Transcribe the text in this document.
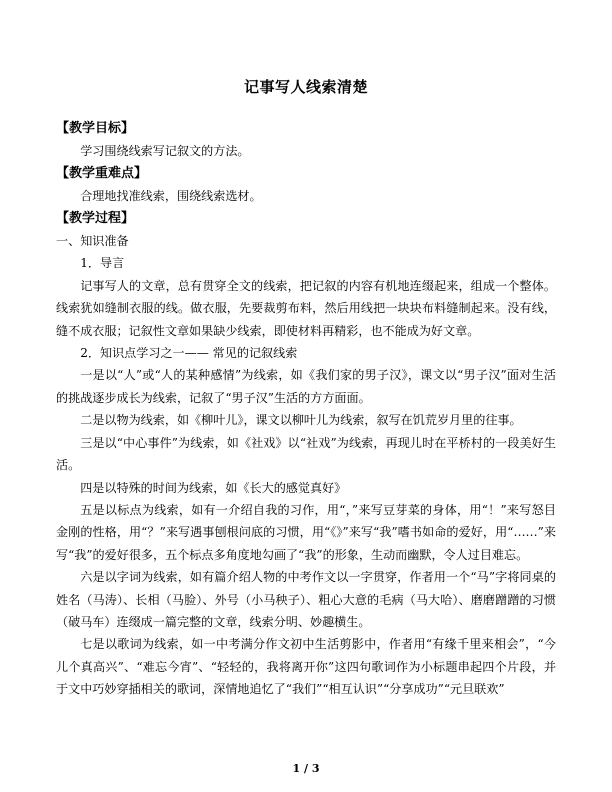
记事写人线索清楚
【教学目标】

学习围绕线索写记叙文的方法。

【教学重难点】

合理地找准线索，围绕线索选材。

【教学过程】

一、知识准备

1．导言

记事写人的文章，总有贯穿全文的线索，把记叙的内容有机地连缀起来，组成一个整体。线索犹如缝制衣服的线。做衣服，先要裁剪布料，然后用线把一块块布料缝制起来。没有线，缝不成衣服；记叙性文章如果缺少线索，即使材料再精彩，也不能成为好文章。

2．知识点学习之一—— 常见的记叙线索

一是以“人”或“人的某种感情”为线索，如《我们家的男子汉》，课文以“男子汉”面对生活的挑战逐步成长为线索，记叙了“男子汉”生活的方方面面。

二是以物为线索，如《柳叶儿》，课文以柳叶儿为线索，叙写在饥荒岁月里的往事。

三是以“中心事件”为线索，如《社戏》以“社戏”为线索，再现儿时在平桥村的一段美好生活。

四是以特殊的时间为线索，如《长大的感觉真好》

五是以标点为线索，如有一介绍自我的习作，用“，”来写豆芽菜的身体，用“！”来写怒目金刚的性格，用“？”来写遇事刨根问底的习惯，用“《》”来写“我”嗜书如命的爱好，用“……”来写“我”的爱好很多，五个标点多角度地勾画了“我”的形象，生动而幽默，令人过目难忘。

六是以字词为线索，如有篇介绍人物的中考作文以一字贯穿，作者用一个“马”字将同桌的姓名（马涛）、长相（马脸）、外号（小马秧子）、粗心大意的毛病（马大哈）、磨磨蹭蹭的习惯（破马车）连缀成一篇完整的文章，线索分明、妙趣横生。

七是以歌词为线索，如一中考满分作文初中生活剪影中，作者用“有缘千里来相会”，“今儿个真高兴”、“难忘今宵”、“轻轻的，我将离开你”这四句歌词作为小标题串起四个片段，并于文中巧妙穿插相关的歌词，深情地追忆了“我们”“相互认识”“分享成功”“元旦联欢”

1 / 3
